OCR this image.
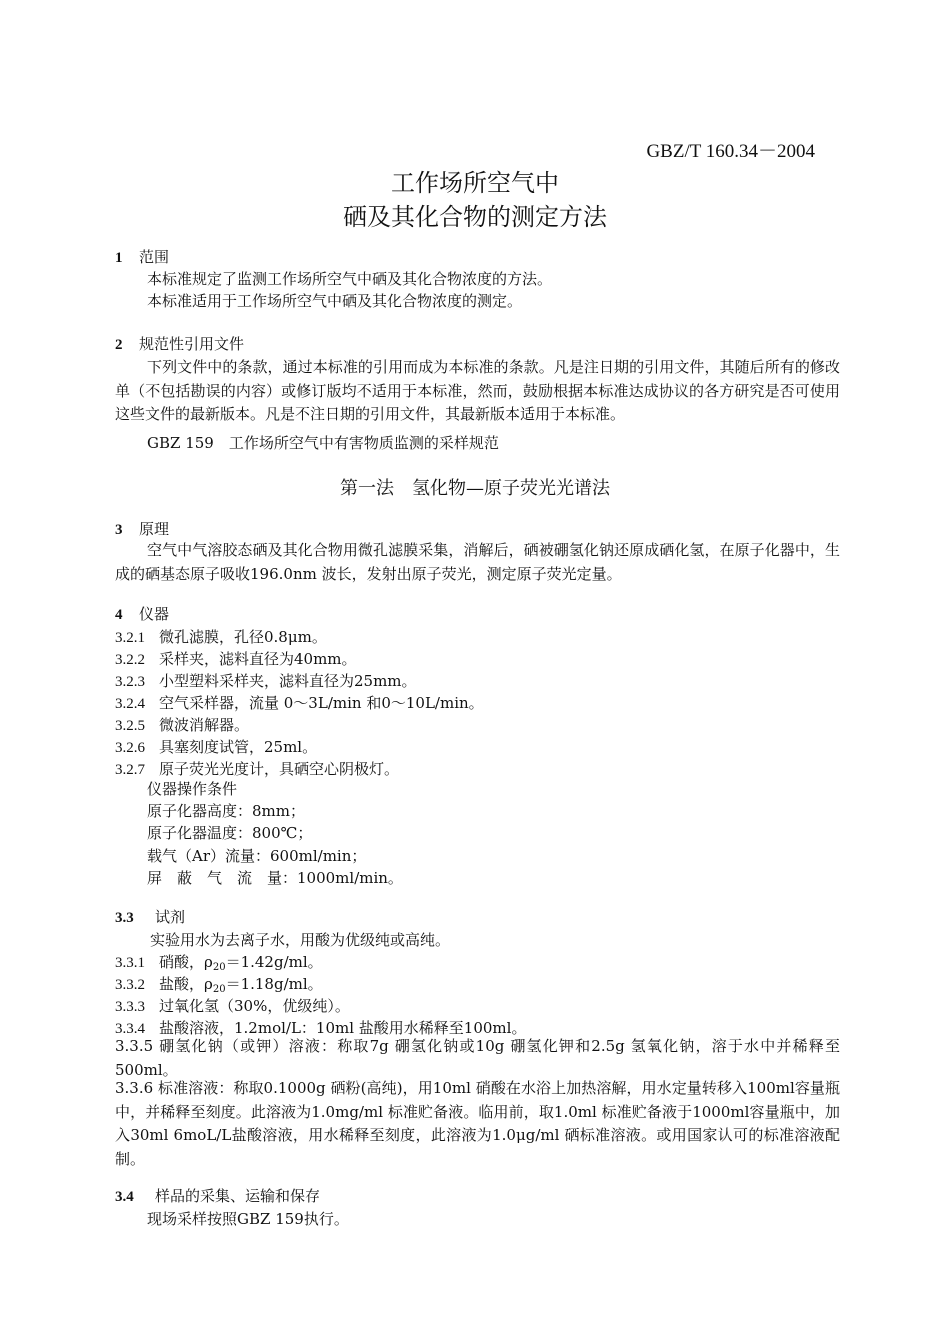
GBZ/T 160.34－2004
工作场所空气中
硒及其化合物的测定方法
1 范围
本标准规定了监测工作场所空气中硒及其化合物浓度的方法。
本标准适用于工作场所空气中硒及其化合物浓度的测定。
2 规范性引用文件
下列文件中的条款，通过本标准的引用而成为本标准的条款。凡是注日期的引用文件，其随后所有的修改单（不包括勘误的内容）或修订版均不适用于本标准，然而，鼓励根据本标准达成协议的各方研究是否可使用这些文件的最新版本。凡是不注日期的引用文件，其最新版本适用于本标准。
GBZ 159　工作场所空气中有害物质监测的采样规范
第一法　氢化物—原子荧光光谱法
3 原理
空气中气溶胶态硒及其化合物用微孔滤膜采集，消解后，硒被硼氢化钠还原成硒化氢，在原子化器中，生成的硒基态原子吸收196.0nm 波长，发射出原子荧光，测定原子荧光定量。
4 仪器
3.2.1 微孔滤膜，孔径0.8μm。
3.2.2 采样夹，滤料直径为40mm。
3.2.3 小型塑料采样夹，滤料直径为25mm。
3.2.4 空气采样器，流量 0～3L/min 和0～10L/min。
3.2.5 微波消解器。
3.2.6 具塞刻度试管，25ml。
3.2.7 原子荧光光度计，具硒空心阴极灯。
仪器操作条件
原子化器高度：8mm；
原子化器温度：800℃；
载气（Ar）流量：600ml/min；
屏　蔽　气　流　量：1000ml/min。
3.3 试剂
实验用水为去离子水，用酸为优级纯或高纯。
3.3.1 硝酸，$\rho_{20}=1.42g/ml$。
3.3.2 盐酸，$\rho_{20}=1.18g/ml$。
3.3.3 过氧化氢（30%，优级纯）。
3.3.4 盐酸溶液，1.2mol/L：10ml 盐酸用水稀释至100ml。
3.3.5 硼氢化钠（或钾）溶液：称取7g 硼氢化钠或10g 硼氢化钾和2.5g 氢氧化钠，溶于水中并稀释至500ml。
3.3.6 标准溶液：称取0.1000g 硒粉(高纯)，用10ml 硝酸在水浴上加热溶解，用水定量转移入100ml容量瓶中，并稀释至刻度。此溶液为1.0mg/ml 标准贮备液。临用前，取1.0ml 标准贮备液于1000ml容量瓶中，加入30ml 6moL/L盐酸溶液，用水稀释至刻度，此溶液为1.0μg/ml 硒标准溶液。或用国家认可的标准溶液配制。
3.4 样品的采集、运输和保存
现场采样按照GBZ 159执行。
